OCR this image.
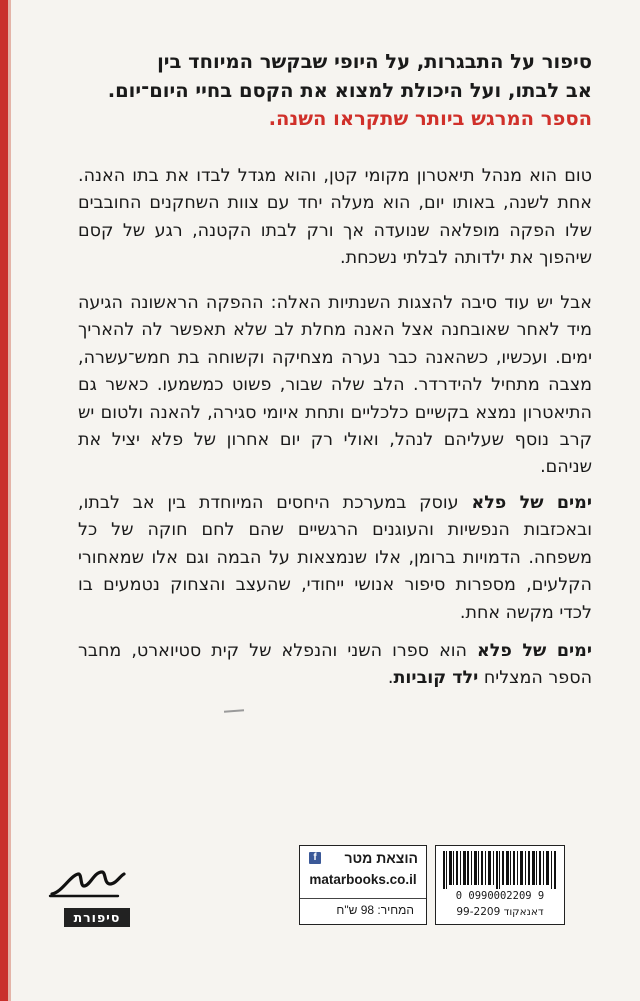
סיפור על התבגרות, על היופי שבקשר המיוחד בין

אב לבתו, ועל היכולת למצוא את הקסם בחיי היום־יום.

הספר המרגש ביותר שתקראו השנה.

טום הוא מנהל תיאטרון מקומי קטן, והוא מגדל לבדו את בתו האנה. אחת לשנה, באותו יום, הוא מעלה יחד עם צוות השחקנים החובבים שלו הפקה מופלאה שנועדה אך ורק לבתו הקטנה, רגע של קסם שיהפוך את ילדותה לבלתי נשכחת.

אבל יש עוד סיבה להצגות השנתיות האלה: ההפקה הראשונה הגיעה מיד לאחר שאובחנה אצל האנה מחלת לב שלא תאפשר לה להאריך ימים. ועכשיו, כשהאנה כבר נערה מצחיקה וקשוחה בת חמש־עשרה, מצבה מתחיל להידרדר. הלב שלה שבור, פשוט כמשמעו. כאשר גם התיאטרון נמצא בקשיים כלכליים ותחת איומי סגירה, להאנה ולטום יש קרב נוסף שעליהם לנהל, ואולי רק יום אחרון של פלא יציל את שניהם.

ימים של פלא עוסק במערכת היחסים המיוחדת בין אב לבתו, ובאכזבות הנפשיות והעוגנים הרגשיים שהם לחם חוקה של כל משפחה. הדמויות ברומן, אלו שנמצאות על הבמה וגם אלו שמאחורי הקלעים, מספרות סיפור אנושי ייחודי, שהעצב והצחוק נטמעים בו לכדי מקשה אחת.

ימים של פלא הוא ספרו השני והנפלא של קית סטיוארט, מחבר הספר המצליח ילד קוביות.

הוצאת מטר
f
matarbooks.co.il
המחיר: 98 ש"ח
0 0990002209 9
דאנאקוד 99-2209
סיפורת
